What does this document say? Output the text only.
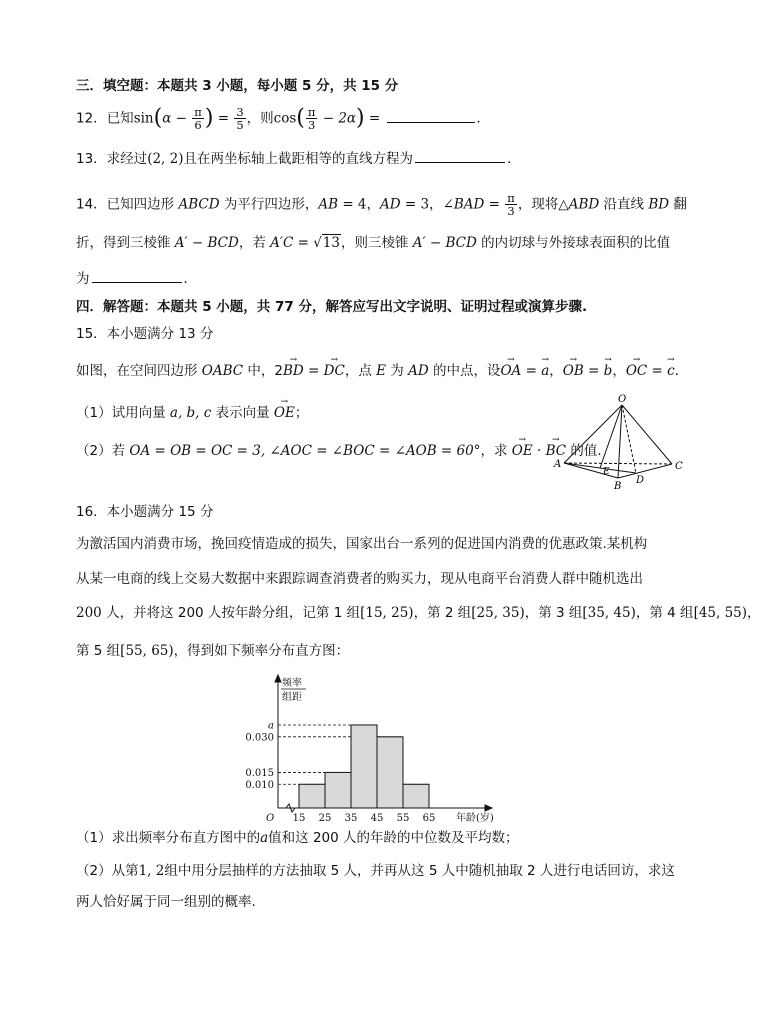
三．填空题：本题共 3 小题，每小题 5 分，共 15 分
12．已知$\sin(\alpha - \frac{\pi}{6}$ ) = $\frac{3}{5}$ ，则$\cos( \frac{\pi}{3} - 2\alpha)$ =	．
13．求经过(2, 2)且在两坐标轴上截距相等的直线方程为	．
14．已知四边形 ABCD 为平行四边形，AB = 4，AD = 3，∠BAD = $\frac{\pi}{3}$ ，现将△ABD 沿直线 BD 翻
折，得到三棱锥 A′ − BCD，若 A′C = √13，则三棱锥 A′ − BCD 的内切球与外接球表面积的比值
为	．
四．解答题：本题共 5 小题，共 77 分，解答应写出文字说明、证明过程或演算步骤.
15．本小题满分 13 分
如图，在空间四边形 OABC 中，2→ BD = → DC，点 E 为 AD 的中点，设→ OA = → a，→ OB = → b，→ OC = → c．
（1）试用向量 a, b, c 表示向量 → OE；
（2）若 OA = OB = OC = 3, ∠AOC = ∠BOC = ∠AOB = 60°，求 → OE · → BC 的值.
O
A
B
C
D
E
16．本小题满分 15 分
为激活国内消费市场，挽回疫情造成的损失，国家出台一系列的促进国内消费的优惠政策.某机构
从某一电商的线上交易大数据中来跟踪调查消费者的购买力，现从电商平台消费人群中随机选出
200 人，并将这 200 人按年龄分组，记第 1 组[15, 25)，第 2 组[25, 35)，第 3 组[35, 45)，第 4 组[45, 55)，
第 5 组[55, 65)，得到如下频率分布直方图：
0.010
0.015
0.030
a
15 25 35 45 55 65
O
频率
组距
年龄(岁)
（1）求出频率分布直方图中的a值和这 200 人的年龄的中位数及平均数；
（2）从第1, 2组中用分层抽样的方法抽取 5 人，并再从这 5 人中随机抽取 2 人进行电话回访，求这
两人恰好属于同一组别的概率.
